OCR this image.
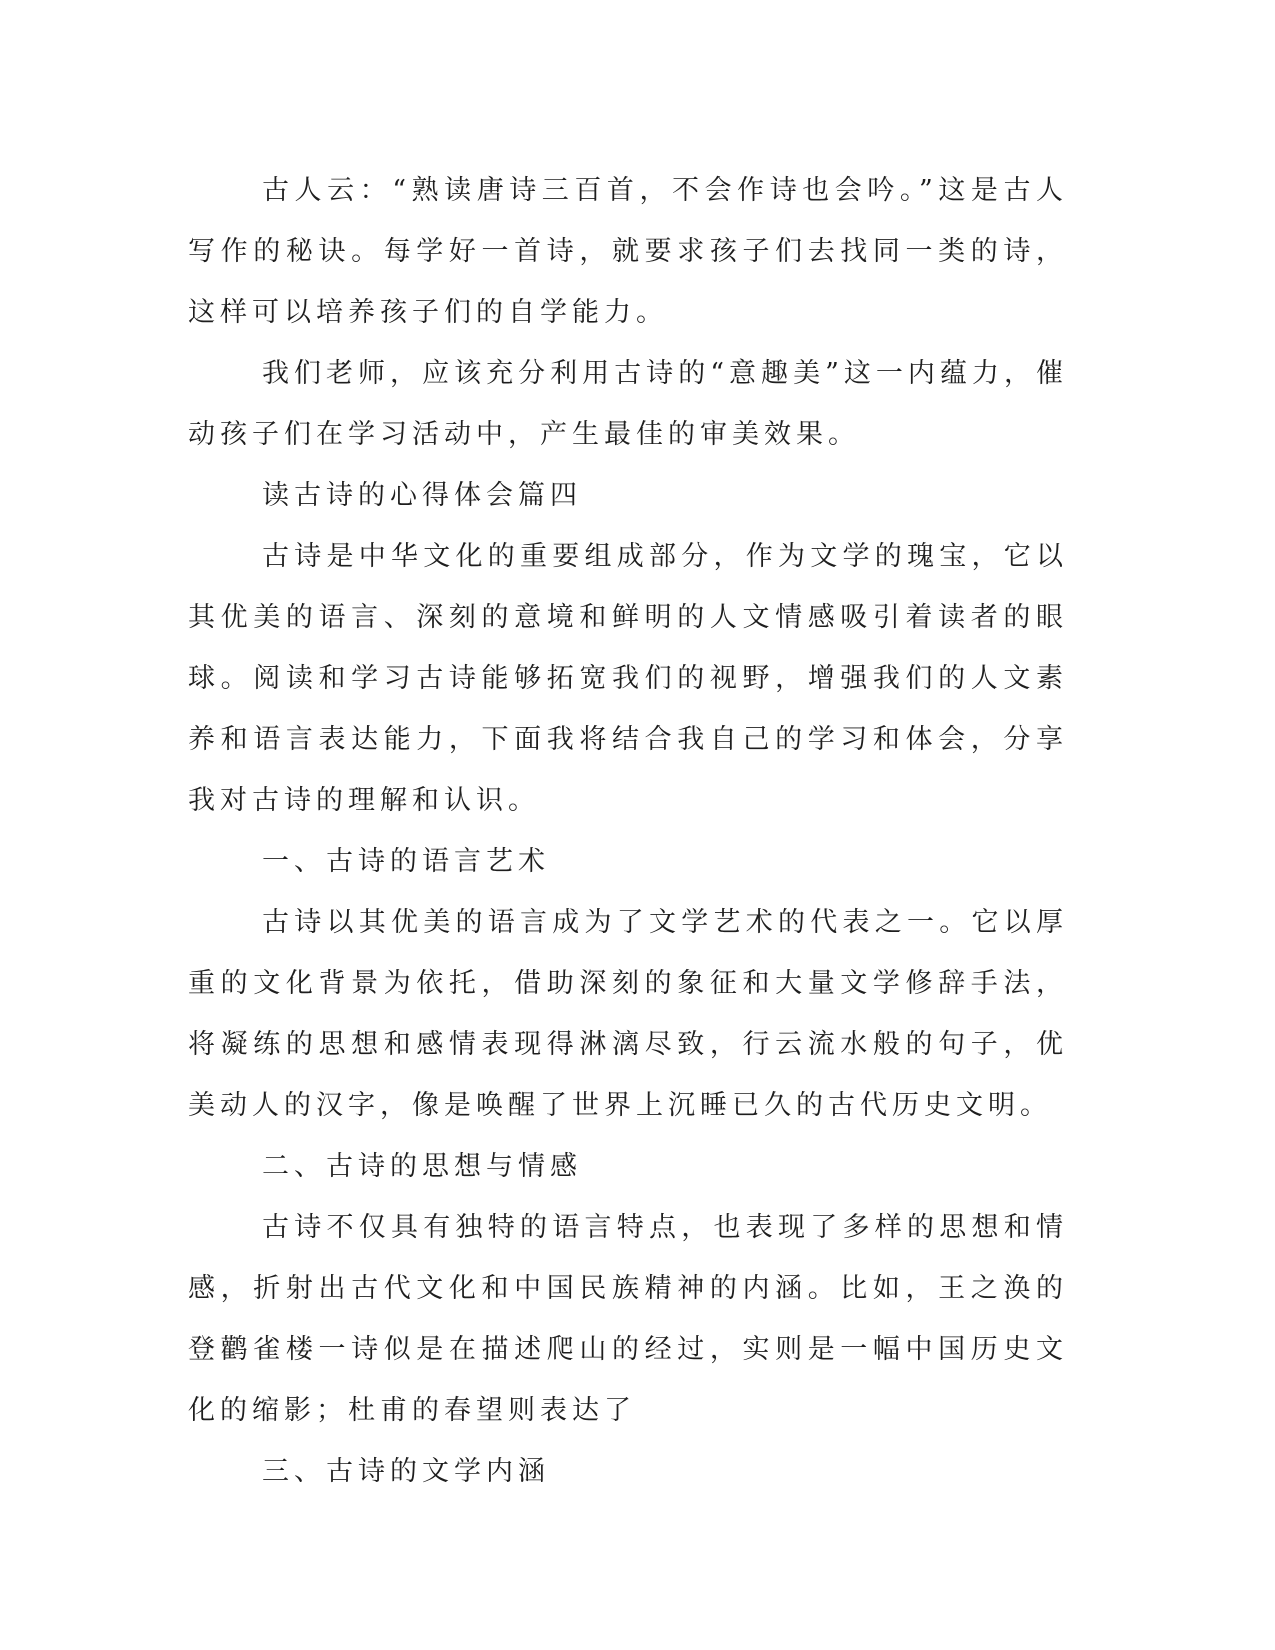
古人云：“熟读唐诗三百首，不会作诗也会吟。”这是古人写作的秘诀。每学好一首诗，就要求孩子们去找同一类的诗，这样可以培养孩子们的自学能力。

我们老师，应该充分利用古诗的“意趣美”这一内蕴力，催动孩子们在学习活动中，产生最佳的审美效果。

读古诗的心得体会篇四

古诗是中华文化的重要组成部分，作为文学的瑰宝，它以其优美的语言、深刻的意境和鲜明的人文情感吸引着读者的眼球。阅读和学习古诗能够拓宽我们的视野，增强我们的人文素养和语言表达能力，下面我将结合我自己的学习和体会，分享我对古诗的理解和认识。

一、古诗的语言艺术

古诗以其优美的语言成为了文学艺术的代表之一。它以厚重的文化背景为依托，借助深刻的象征和大量文学修辞手法，将凝练的思想和感情表现得淋漓尽致，行云流水般的句子，优美动人的汉字，像是唤醒了世界上沉睡已久的古代历史文明。

二、古诗的思想与情感

古诗不仅具有独特的语言特点，也表现了多样的思想和情感，折射出古代文化和中国民族精神的内涵。比如，王之涣的登鹳雀楼一诗似是在描述爬山的经过，实则是一幅中国历史文化的缩影；杜甫的春望则表达了

三、古诗的文学内涵
